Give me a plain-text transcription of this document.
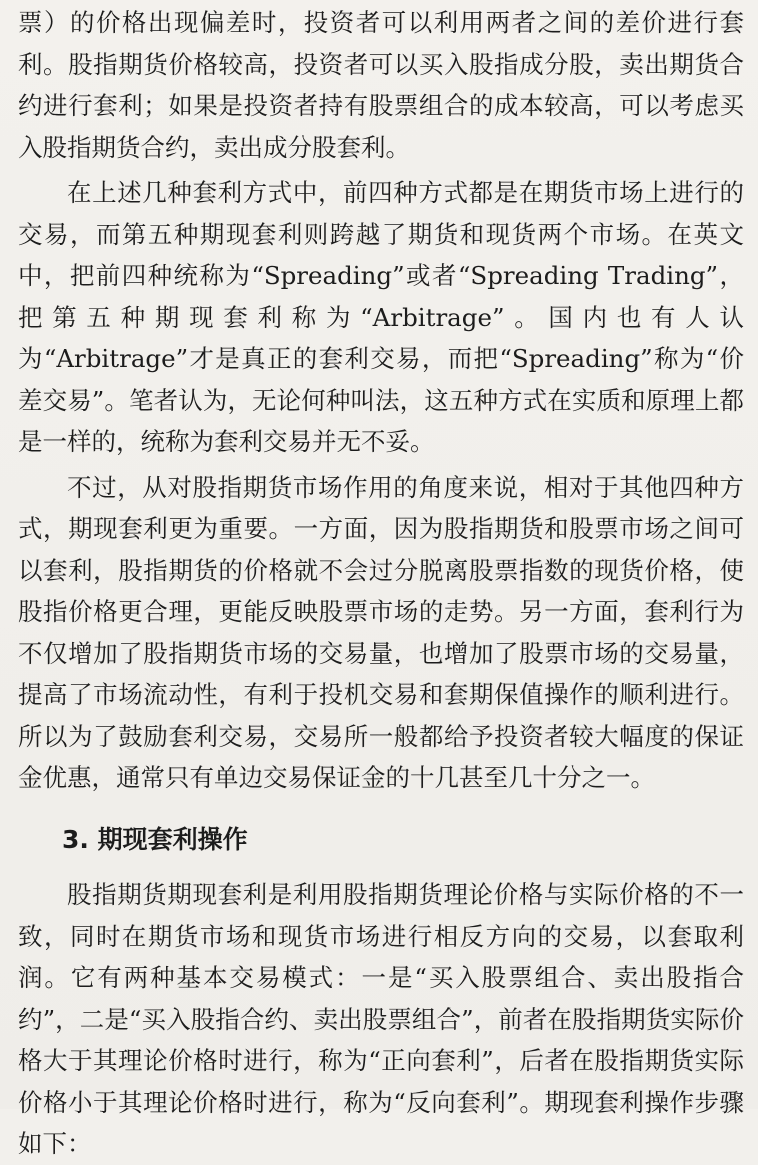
票）的价格出现偏差时，投资者可以利用两者之间的差价进行套利。股指期货价格较高，投资者可以买入股指成分股，卖出期货合约进行套利；如果是投资者持有股票组合的成本较高，可以考虑买入股指期货合约，卖出成分股套利。

在上述几种套利方式中，前四种方式都是在期货市场上进行的交易，而第五种期现套利则跨越了期货和现货两个市场。在英文中，把前四种统称为“Spreading”或者“Spreading Trading”，把第五种期现套利称为“Arbitrage”。国内也有人认为“Arbitrage”才是真正的套利交易，而把“Spreading”称为“价差交易”。笔者认为，无论何种叫法，这五种方式在实质和原理上都是一样的，统称为套利交易并无不妥。

不过，从对股指期货市场作用的角度来说，相对于其他四种方式，期现套利更为重要。一方面，因为股指期货和股票市场之间可以套利，股指期货的价格就不会过分脱离股票指数的现货价格，使股指价格更合理，更能反映股票市场的走势。另一方面，套利行为不仅增加了股指期货市场的交易量，也增加了股票市场的交易量，提高了市场流动性，有利于投机交易和套期保值操作的顺利进行。所以为了鼓励套利交易，交易所一般都给予投资者较大幅度的保证金优惠，通常只有单边交易保证金的十几甚至几十分之一。

3. 期现套利操作

股指期货期现套利是利用股指期货理论价格与实际价格的不一致，同时在期货市场和现货市场进行相反方向的交易，以套取利润。它有两种基本交易模式：一是“买入股票组合、卖出股指合约”，二是“买入股指合约、卖出股票组合”，前者在股指期货实际价格大于其理论价格时进行，称为“正向套利”，后者在股指期货实际价格小于其理论价格时进行，称为“反向套利”。期现套利操作步骤如下：
